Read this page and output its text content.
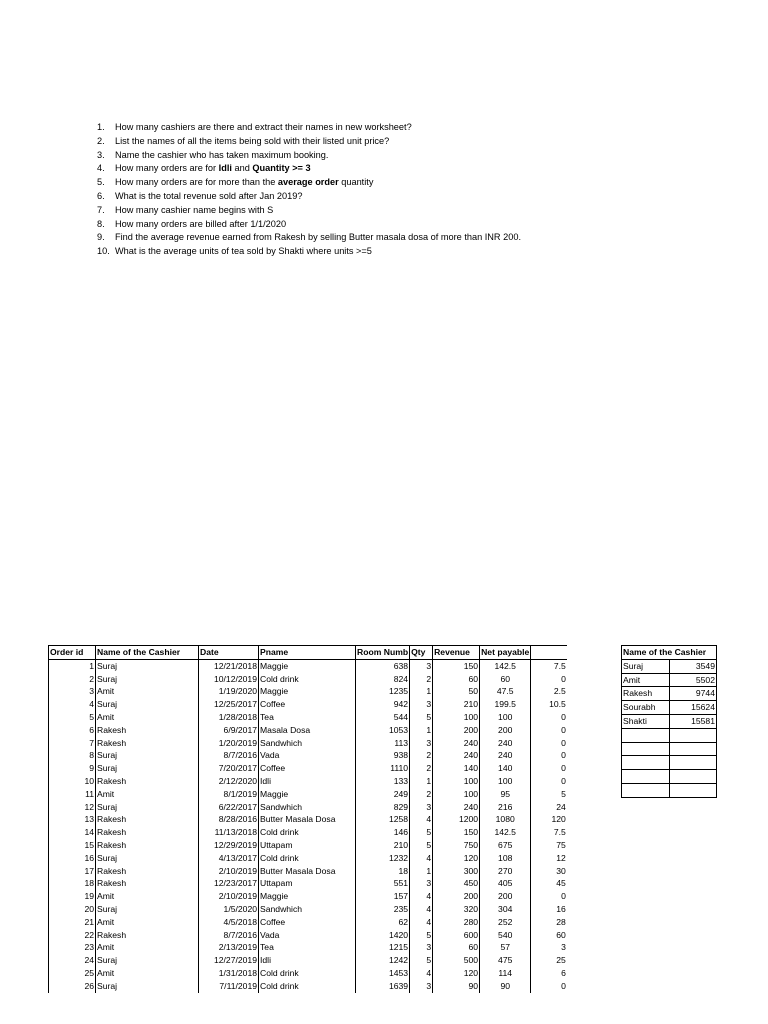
1. How many cashiers are there and extract their names in new worksheet?
2. List the names of all the items being sold with their listed unit price?
3. Name the cashier who has taken maximum booking.
4. How many orders are for Idli and Quantity >= 3
5. How many orders are for more than the average order quantity
6. What is the total revenue sold after Jan 2019?
7. How many cashier name begins with S
8. How many orders are billed after 1/1/2020
9. Find the average revenue earned from Rakesh by selling Butter masala dosa of more than INR 200.
10. What is the average units of tea sold by Shakti where units >=5
Order id	Name of the Cashier	Date	Pname	Room Numb	Qty	Revenue	Net payable	
1	Suraj	12/21/2018	Maggie	638	3	150	142.5	7.5
2	Suraj	10/12/2019	Cold drink	824	2	60	60	0
3	Amit	1/19/2020	Maggie	1235	1	50	47.5	2.5
4	Suraj	12/25/2017	Coffee	942	3	210	199.5	10.5
5	Amit	1/28/2018	Tea	544	5	100	100	0
6	Rakesh	6/9/2017	Masala Dosa	1053	1	200	200	0
7	Rakesh	1/20/2019	Sandwhich	113	3	240	240	0
8	Suraj	8/7/2016	Vada	938	2	240	240	0
9	Suraj	7/20/2017	Coffee	1110	2	140	140	0
10	Rakesh	2/12/2020	Idli	133	1	100	100	0
11	Amit	8/1/2019	Maggie	249	2	100	95	5
12	Suraj	6/22/2017	Sandwhich	829	3	240	216	24
13	Rakesh	8/28/2016	Butter Masala Dosa	1258	4	1200	1080	120
14	Rakesh	11/13/2018	Cold drink	146	5	150	142.5	7.5
15	Rakesh	12/29/2019	Uttapam	210	5	750	675	75
16	Suraj	4/13/2017	Cold drink	1232	4	120	108	12
17	Rakesh	2/10/2019	Butter Masala Dosa	18	1	300	270	30
18	Rakesh	12/23/2017	Uttapam	551	3	450	405	45
19	Amit	2/10/2019	Maggie	157	4	200	200	0
20	Suraj	1/5/2020	Sandwhich	235	4	320	304	16
21	Amit	4/5/2018	Coffee	62	4	280	252	28
22	Rakesh	8/7/2016	Vada	1420	5	600	540	60
23	Amit	2/13/2019	Tea	1215	3	60	57	3
24	Suraj	12/27/2019	Idli	1242	5	500	475	25
25	Amit	1/31/2018	Cold drink	1453	4	120	114	6
26	Suraj	7/11/2019	Cold drink	1639	3	90	90	0
Name of the Cashier	
Suraj	3549
Amit	5502
Rakesh	9744
Sourabh	15624
Shakti	15581
